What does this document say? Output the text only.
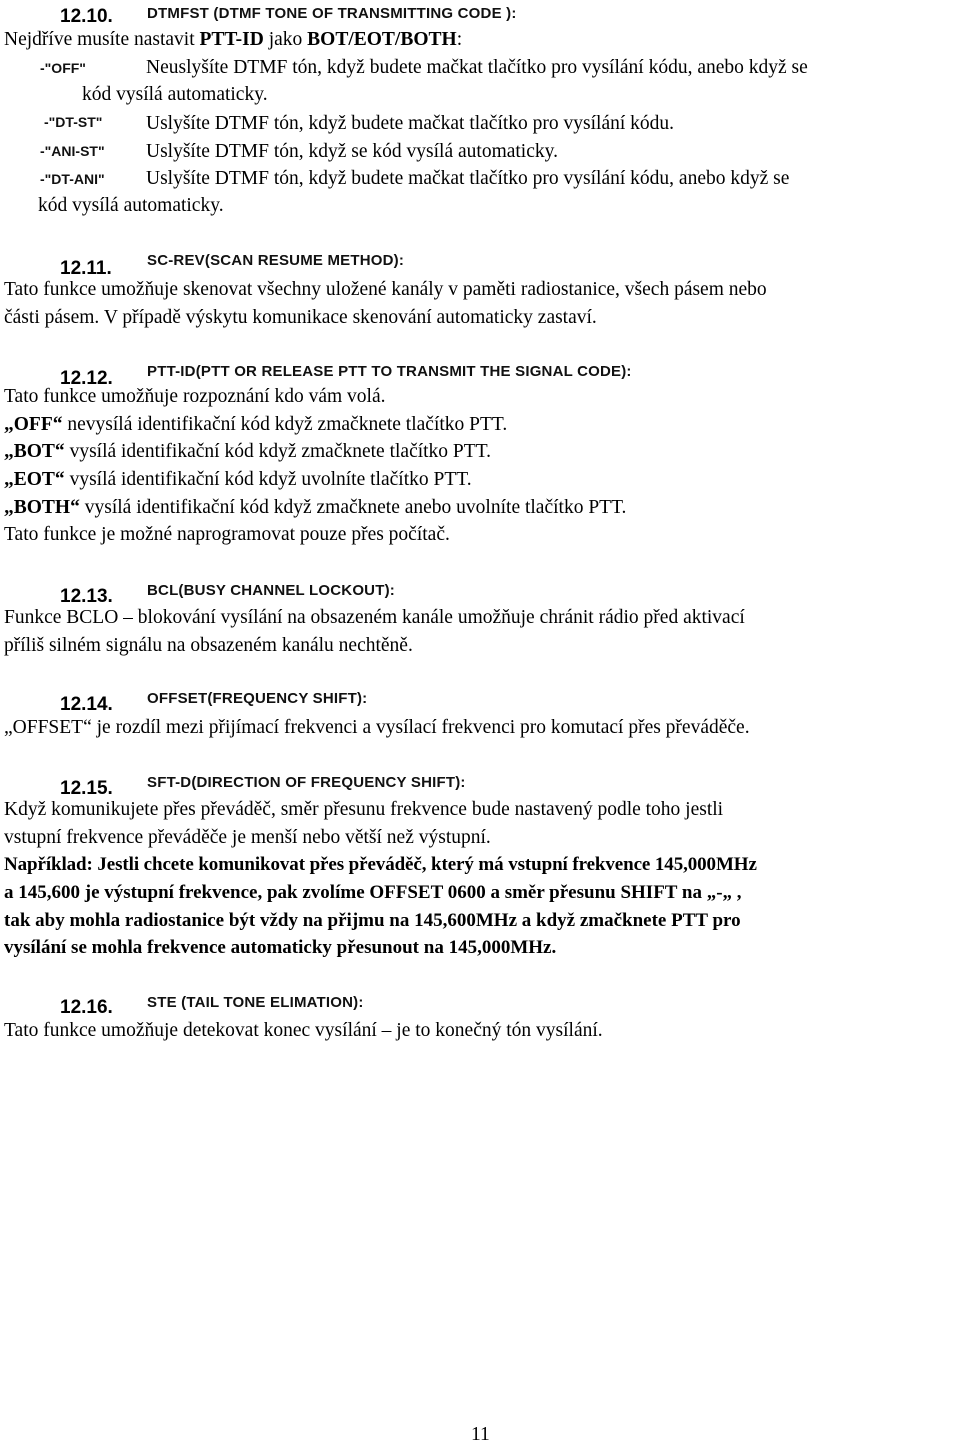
12.10. DTMFST (DTMF TONE OF TRANSMITTING CODE ):
Nejdříve musíte nastavit PTT-ID jako BOT/EOT/BOTH:
-"OFF"	Neuslyšíte DTMF tón, když budete mačkat tlačítko pro vysílání kódu, anebo když se
kód vysílá automaticky.
-"DT-ST" Uslyšíte DTMF tón, když budete mačkat tlačítko pro vysílání kódu.
-"ANI-ST" Uslyšíte DTMF tón, když se kód vysílá automaticky.
-"DT-ANI" Uslyšíte DTMF tón, když budete mačkat tlačítko pro vysílání kódu, anebo když se
kód vysílá automaticky.
12.11. SC-REV(SCAN RESUME METHOD):
Tato funkce umožňuje skenovat všechny uložené kanály v paměti radiostanice, všech pásem nebo
části pásem. V případě výskytu komunikace skenování automaticky zastaví.
12.12. PTT-ID(PTT OR RELEASE PTT TO TRANSMIT THE SIGNAL CODE):
Tato funkce umožňuje rozpoznání kdo vám volá.
„OFF“ nevysílá identifikační kód když zmačknete tlačítko PTT.
„BOT“ vysílá identifikační kód když zmačknete tlačítko PTT.
„EOT“ vysílá identifikační kód když uvolníte tlačítko PTT.
„BOTH“ vysílá identifikační kód když zmačknete anebo uvolníte tlačítko PTT.
Tato funkce je možné naprogramovat pouze přes počítač.
12.13. BCL(BUSY CHANNEL LOCKOUT):
Funkce BCLO – blokování vysílání na obsazeném kanále umožňuje chránit rádio před aktivací
příliš silném signálu na obsazeném kanálu nechtěně.
12.14. OFFSET(FREQUENCY SHIFT):
„OFFSET“ je rozdíl mezi přijímací frekvenci a vysílací frekvenci pro komutací přes převáděče.
12.15. SFT-D(DIRECTION OF FREQUENCY SHIFT):
Když komunikujete přes převáděč, směr přesunu frekvence bude nastavený podle toho jestli
vstupní frekvence převáděče je menší nebo větší než výstupní.
Například: Jestli chcete komunikovat přes převáděč, který má vstupní frekvence 145,000MHz
a 145,600 je výstupní frekvence, pak zvolíme OFFSET 0600 a směr přesunu SHIFT na „-„ ,
tak aby mohla radiostanice být vždy na přijmu na 145,600MHz a když zmačknete PTT pro
vysílání se mohla frekvence automaticky přesunout na 145,000MHz.
12.16. STE (TAIL TONE ELIMATION):
Tato funkce umožňuje detekovat konec vysílání – je to konečný tón vysílání.
11
